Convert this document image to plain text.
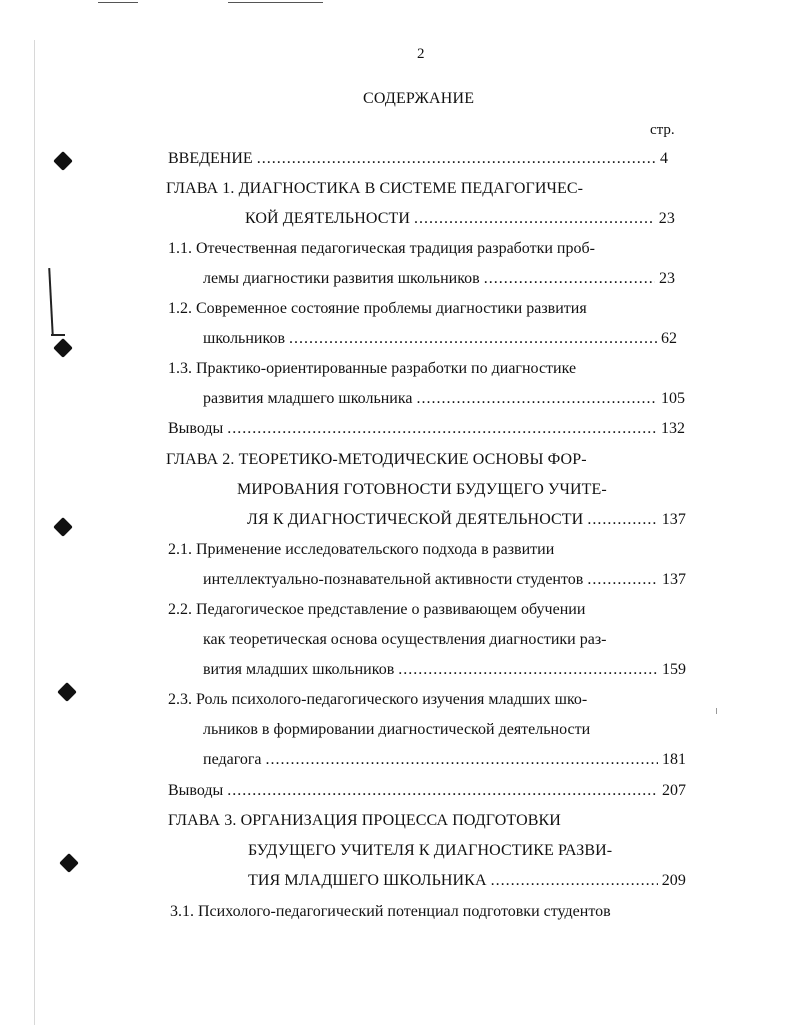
2
СОДЕРЖАНИЕ
стр.
ВВЕДЕНИЕ .....	4
ГЛАВА 1. ДИАГНОСТИКА В СИСТЕМЕ ПЕДАГОГИЧЕС-
КОЙ ДЕЯТЕЛЬНОСТИ .....	23
1.1. Отечественная педагогическая традиция разработки проб-
лемы диагностики развития школьников .....	23
1.2. Современное состояние проблемы диагностики развития
школьников .....	62
1.3. Практико-ориентированные разработки по диагностике
развития младшего школьника .....	105
Выводы .....	132
ГЛАВА 2. ТЕОРЕТИКО-МЕТОДИЧЕСКИЕ ОСНОВЫ ФОР-
МИРОВАНИЯ ГОТОВНОСТИ БУДУЩЕГО УЧИТЕ-
ЛЯ К ДИАГНОСТИЧЕСКОЙ ДЕЯТЕЛЬНОСТИ .....	137
2.1. Применение исследовательского подхода в развитии
интеллектуально-познавательной активности студентов .....	137
2.2. Педагогическое представление о развивающем обучении
как теоретическая основа осуществления диагностики раз-
вития младших школьников .....	159
2.3. Роль психолого-педагогического изучения младших шко-
льников в формировании диагностической деятельности
педагога .....	181
Выводы .....	207
ГЛАВА 3. ОРГАНИЗАЦИЯ ПРОЦЕССА ПОДГОТОВКИ
БУДУЩЕГО УЧИТЕЛЯ К ДИАГНОСТИКЕ РАЗВИ-
ТИЯ МЛАДШЕГО ШКОЛЬНИКА .....	209
3.1. Психолого-педагогический потенциал подготовки студентов
